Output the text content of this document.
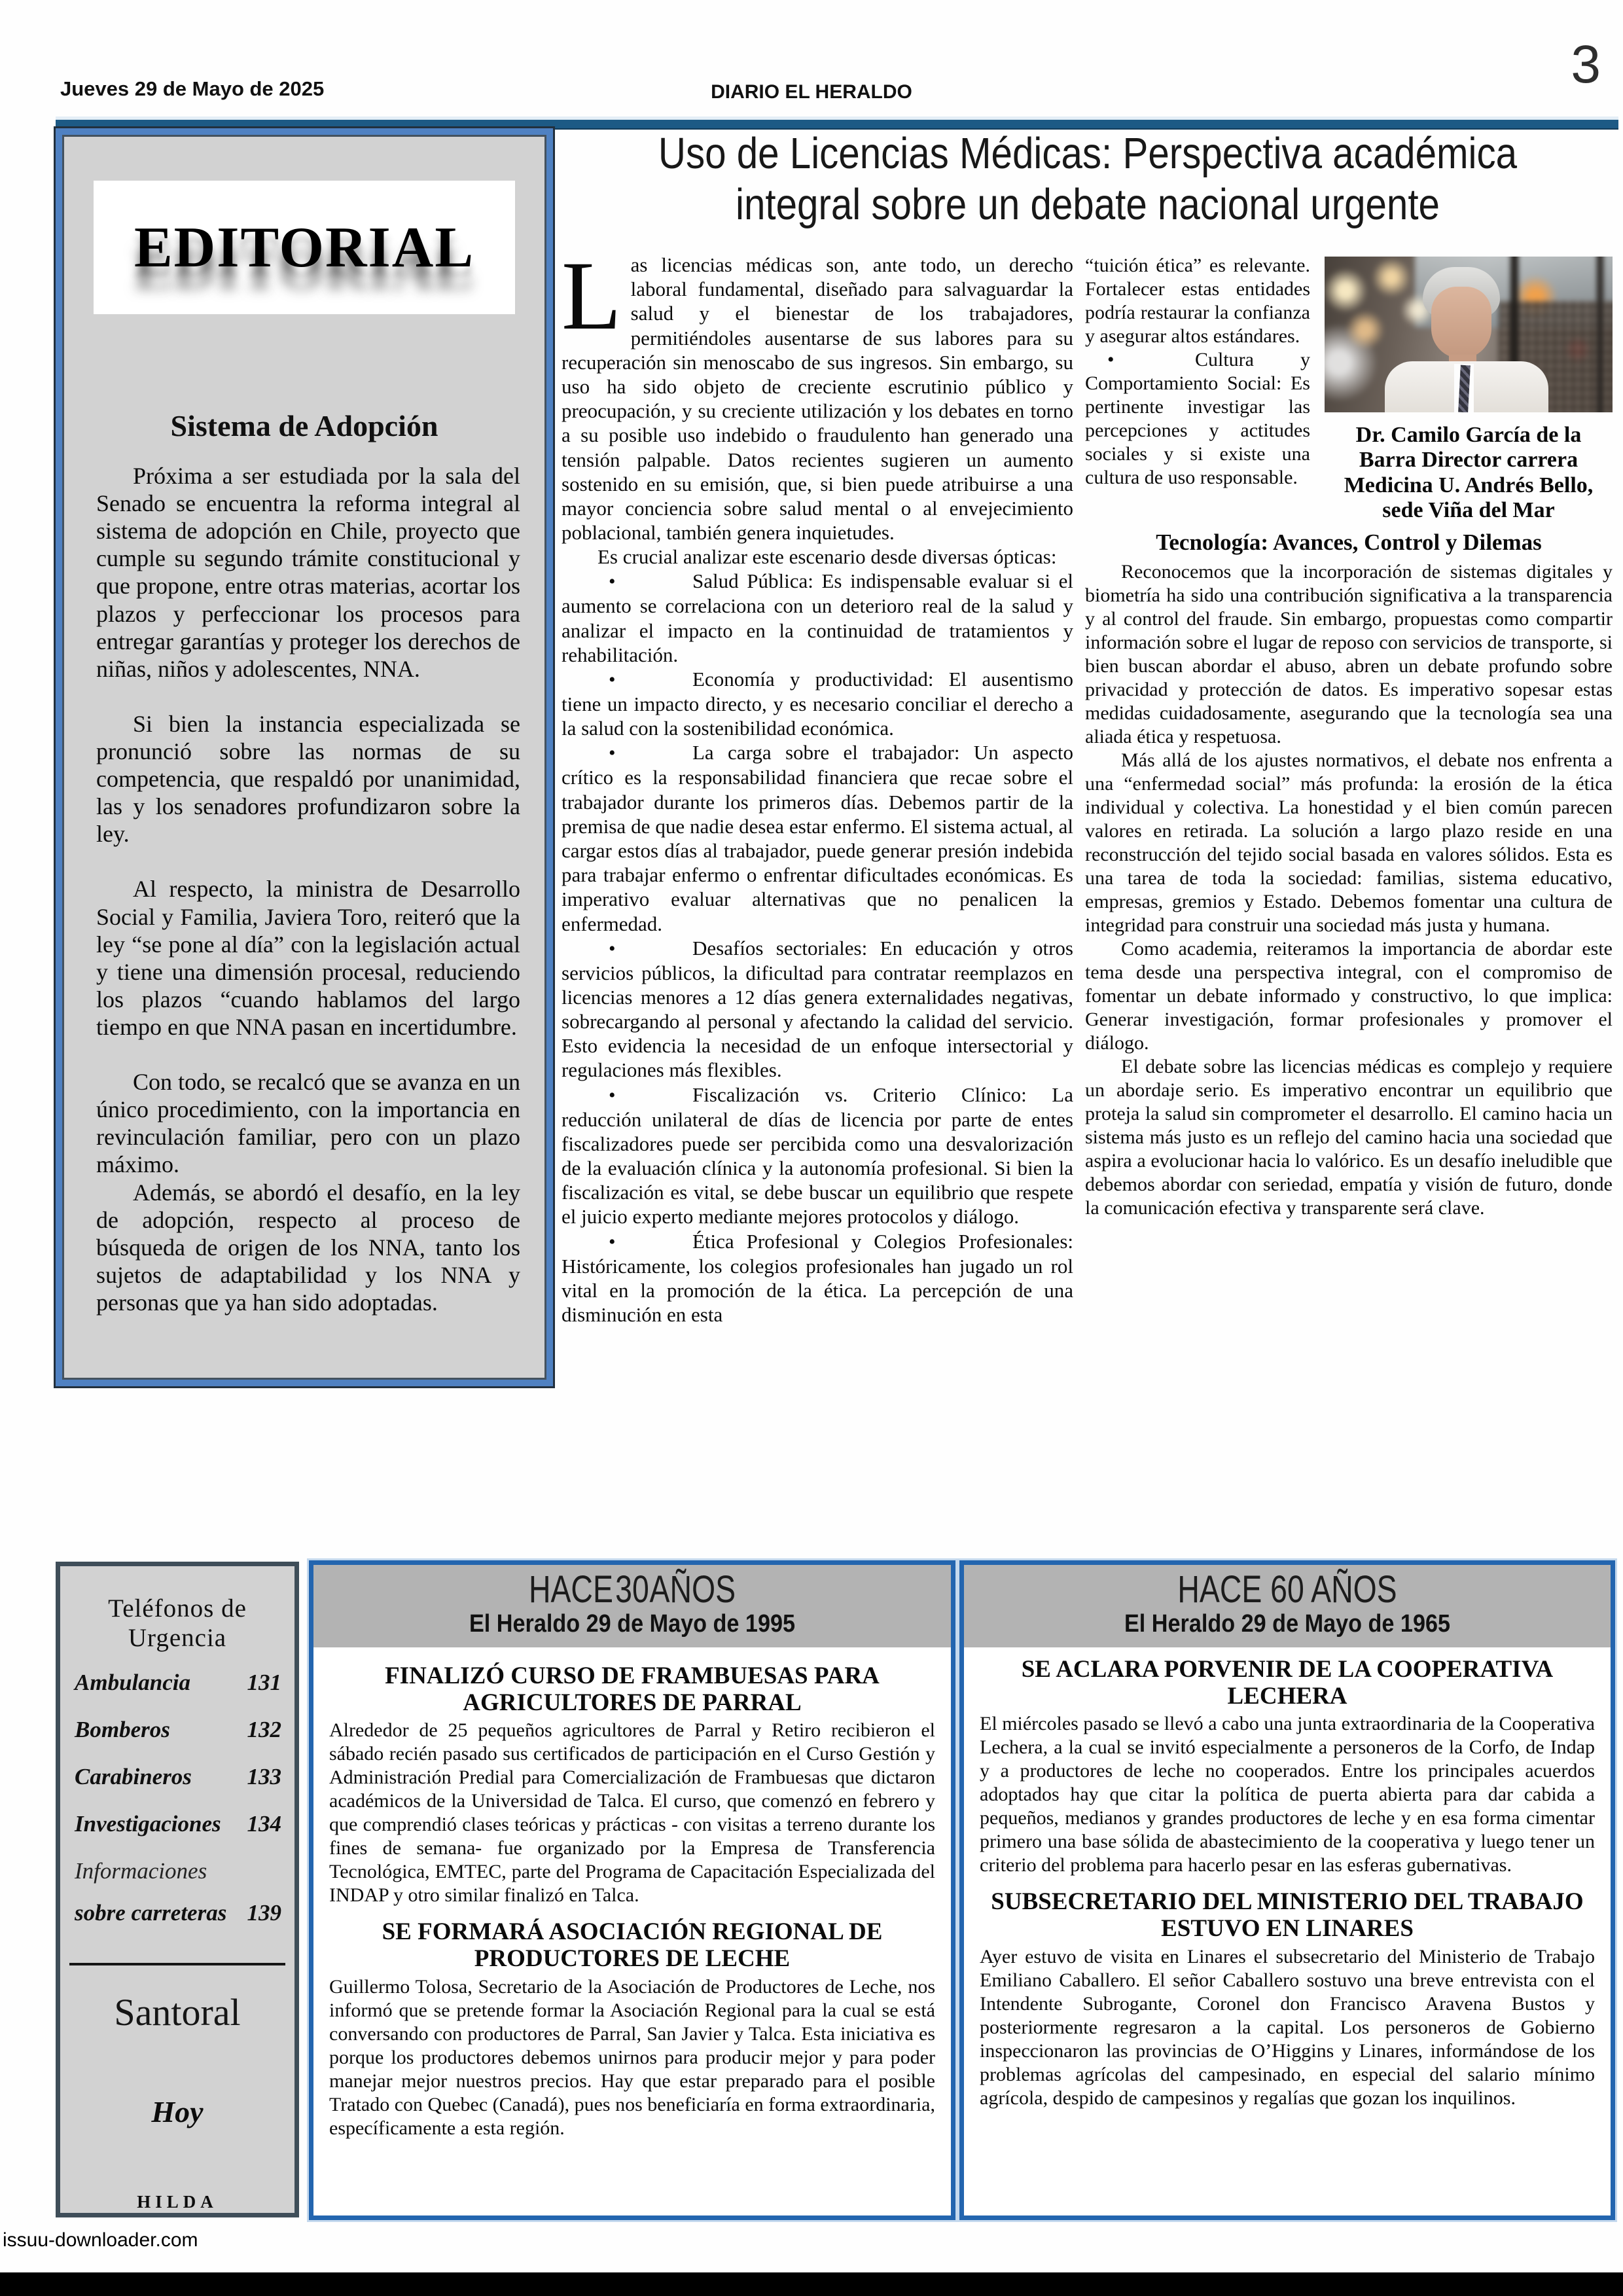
Jueves 29 de Mayo de 2025	DIARIO EL HERALDO	3
EDITORIAL
Sistema de Adopción

Próxima a ser estudiada por la sala del Senado se encuentra la reforma integral al sistema de adopción en Chile, proyecto que cumple su segundo trámite constitucional y que propone, entre otras materias, acortar los plazos y perfeccionar los procesos para entregar garantías y proteger los derechos de niñas, niños y adolescentes, NNA.

Si bien la instancia especializada se pronunció sobre las normas de su competencia, que respaldó por unanimidad, las y los senadores profundizaron sobre la ley.

Al respecto, la ministra de Desarrollo Social y Familia, Javiera Toro, reiteró que la ley “se pone al día” con la legislación actual y tiene una dimensión procesal, reduciendo los plazos “cuando hablamos del largo tiempo en que NNA pasan en incertidumbre.

Con todo, se recalcó que se avanza en un único procedimiento, con la importancia en revinculación familiar, pero con un plazo máximo.

Además, se abordó el desafío, en la ley de adopción, respecto al proceso de búsqueda de origen de los NNA, tanto los sujetos de adaptabilidad y los NNA y personas que ya han sido adoptadas.

Uso de Licencias Médicas: Perspectiva académica
integral sobre un debate nacional urgente

Las licencias médicas son, ante todo, un derecho laboral fundamental, diseñado para salvaguardar la salud y el bienestar de los trabajadores, permitiéndoles ausentarse de sus labores para su recuperación sin menoscabo de sus ingresos. Sin embargo, su uso ha sido objeto de creciente escrutinio público y preocupación, y su creciente utilización y los debates en torno a su posible uso indebido o fraudulento han generado una tensión palpable. Datos recientes sugieren un aumento sostenido en su emisión, que, si bien puede atribuirse a una mayor conciencia sobre salud mental o al envejecimiento poblacional, también genera inquietudes.

Es crucial analizar este escenario desde diversas ópticas:

•	Salud Pública: Es indispensable evaluar si el aumento se correlaciona con un deterioro real de la salud y analizar el impacto en la continuidad de tratamientos y rehabilitación.

•	Economía y productividad: El ausentismo tiene un impacto directo, y es necesario conciliar el derecho a la salud con la sostenibilidad económica.

•	La carga sobre el trabajador: Un aspecto crítico es la responsabilidad financiera que recae sobre el trabajador durante los primeros días. Debemos partir de la premisa de que nadie desea estar enfermo. El sistema actual, al cargar estos días al trabajador, puede generar presión indebida para trabajar enfermo o enfrentar dificultades económicas. Es imperativo evaluar alternativas que no penalicen la enfermedad.

•	Desafíos sectoriales: En educación y otros servicios públicos, la dificultad para contratar reemplazos en licencias menores a 12 días genera externalidades negativas, sobrecargando al personal y afectando la calidad del servicio. Esto evidencia la necesidad de un enfoque intersectorial y regulaciones más flexibles.

•	Fiscalización vs. Criterio Clínico: La reducción unilateral de días de licencia por parte de entes fiscalizadores puede ser percibida como una desvalorización de la evaluación clínica y la autonomía profesional. Si bien la fiscalización es vital, se debe buscar un equilibrio que respete el juicio experto mediante mejores protocolos y diálogo.

•	Ética Profesional y Colegios Profesionales: Históricamente, los colegios profesionales han jugado un rol vital en la promoción de la ética. La percepción de una disminución en esta

Dr. Camilo García de la Barra Director carrera Medicina U. Andrés Bello, sede Viña del Mar

“tuición ética” es relevante. Fortalecer estas entidades podría restaurar la confianza y asegurar altos estándares.

•	Cultura y Comportamiento Social: Es pertinente investigar las percepciones y actitudes sociales y si existe una cultura de uso responsable.

Tecnología: Avances, Control y Dilemas

Reconocemos que la incorporación de sistemas digitales y biometría ha sido una contribución significativa a la transparencia y al control del fraude. Sin embargo, propuestas como compartir información sobre el lugar de reposo con servicios de transporte, si bien buscan abordar el abuso, abren un debate profundo sobre privacidad y protección de datos. Es imperativo sopesar estas medidas cuidadosamente, asegurando que la tecnología sea una aliada ética y respetuosa.

Más allá de los ajustes normativos, el debate nos enfrenta a una “enfermedad social” más profunda: la erosión de la ética individual y colectiva. La honestidad y el bien común parecen valores en retirada. La solución a largo plazo reside en una reconstrucción del tejido social basada en valores sólidos. Esta es una tarea de toda la sociedad: familias, sistema educativo, empresas, gremios y Estado. Debemos fomentar una cultura de integridad para construir una sociedad más justa y humana.

Como academia, reiteramos la importancia de abordar este tema desde una perspectiva integral, con el compromiso de fomentar un debate informado y constructivo, lo que implica: Generar investigación, formar profesionales y promover el diálogo.

El debate sobre las licencias médicas es complejo y requiere un abordaje serio. Es imperativo encontrar un equilibrio que proteja la salud sin comprometer el desarrollo. El camino hacia un sistema más justo es un reflejo del camino hacia una sociedad que aspira a evolucionar hacia lo valórico. Es un desafío ineludible que debemos abordar con seriedad, empatía y visión de futuro, donde la comunicación efectiva y transparente será clave.

Teléfonos de Urgencia
Ambulancia 131
Bomberos	132
Carabineros 133
Investigaciones 134
Informaciones
sobre carreteras 139
Santoral
Hoy
HILDA
HACE 30 AÑOS
El Heraldo 29 de Mayo de 1995
FINALIZÓ CURSO DE FRAMBUESAS PARA AGRICULTORES DE PARRAL

Alrededor de 25 pequeños agricultores de Parral y Retiro recibieron el sábado recién pasado sus certificados de participación en el Curso Gestión y Administración Predial para Comercialización de Frambuesas que dictaron académicos de la Universidad de Talca. El curso, que comenzó en febrero y que comprendió clases teóricas y prácticas - con visitas a terreno durante los fines de semana- fue organizado por la Empresa de Transferencia Tecnológica, EMTEC, parte del Programa de Capacitación Especializada del INDAP y otro similar finalizó en Talca.

SE FORMARÁ ASOCIACIÓN REGIONAL DE PRODUCTORES DE LECHE

Guillermo Tolosa, Secretario de la Asociación de Productores de Leche, nos informó que se pretende formar la Asociación Regional para la cual se está conversando con productores de Parral, San Javier y Talca. Esta iniciativa es porque los productores debemos unirnos para producir mejor y para poder manejar mejor nuestros precios. Hay que estar preparado para el posible Tratado con Quebec (Canadá), pues nos beneficiaría en forma extraordinaria, específicamente a esta región.

HACE 60 AÑOS
El Heraldo 29 de Mayo de 1965
SE ACLARA PORVENIR DE LA COOPERATIVA LECHERA

El miércoles pasado se llevó a cabo una junta extraordinaria de la Cooperativa Lechera, a la cual se invitó especialmente a personeros de la Corfo, de Indap y a productores de leche no cooperados. Entre los principales acuerdos adoptados hay que citar la política de puerta abierta para dar cabida a pequeños, medianos y grandes productores de leche y en esa forma cimentar primero una base sólida de abastecimiento de la cooperativa y luego tener un criterio del problema para hacerlo pesar en las esferas gubernativas.

SUBSECRETARIO DEL MINISTERIO DEL TRABAJO ESTUVO EN LINARES

Ayer estuvo de visita en Linares el subsecretario del Ministerio de Trabajo Emiliano Caballero. El señor Caballero sostuvo una breve entrevista con el Intendente Subrogante, Coronel don Francisco Aravena Bustos y posteriormente regresaron a la capital. Los personeros de Gobierno inspeccionaron las provincias de O’Higgins y Linares, informándose de los problemas agrícolas del campesinado, en especial del salario mínimo agrícola, despido de campesinos y regalías que gozan los inquilinos.

issuu-downloader.com
